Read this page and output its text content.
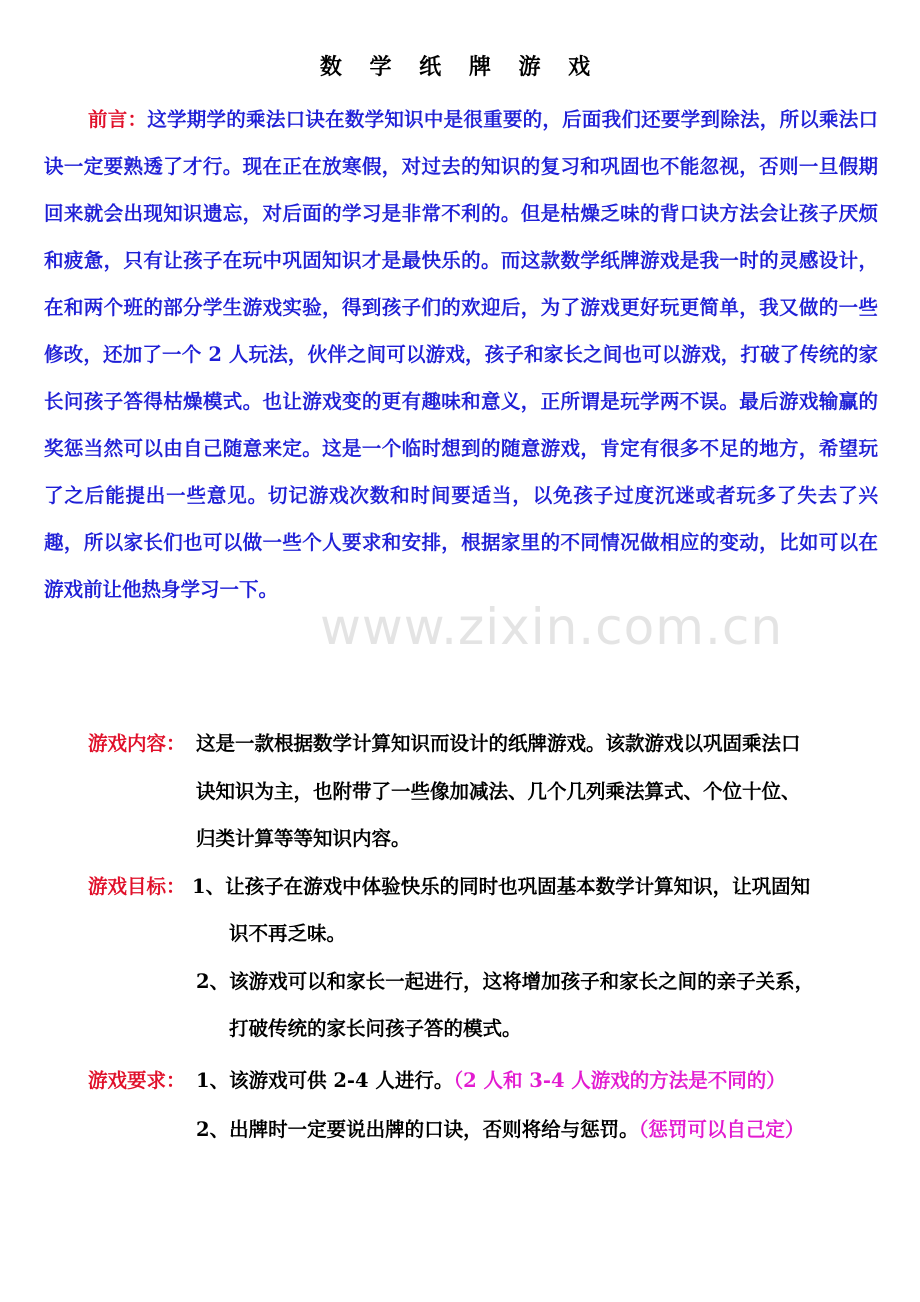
数 学 纸 牌 游 戏
前言：这学期学的乘法口诀在数学知识中是很重要的，后面我们还要学到除法，所以乘法口诀一定要熟透了才行。现在正在放寒假，对过去的知识的复习和巩固也不能忽视，否则一旦假期回来就会出现知识遗忘，对后面的学习是非常不利的。但是枯燥乏味的背口诀方法会让孩子厌烦和疲惫，只有让孩子在玩中巩固知识才是最快乐的。而这款数学纸牌游戏是我一时的灵感设计，在和两个班的部分学生游戏实验，得到孩子们的欢迎后，为了游戏更好玩更简单，我又做的一些修改，还加了一个 2 人玩法，伙伴之间可以游戏，孩子和家长之间也可以游戏，打破了传统的家长问孩子答得枯燥模式。也让游戏变的更有趣味和意义，正所谓是玩学两不误。最后游戏输赢的奖惩当然可以由自己随意来定。这是一个临时想到的随意游戏，肯定有很多不足的地方，希望玩了之后能提出一些意见。切记游戏次数和时间要适当，以免孩子过度沉迷或者玩多了失去了兴趣，所以家长们也可以做一些个人要求和安排，根据家里的不同情况做相应的变动，比如可以在游戏前让他热身学习一下。
www.zixin.com.cn
游戏内容： 这是一款根据数学计算知识而设计的纸牌游戏。该款游戏以巩固乘法口
诀知识为主，也附带了一些像加减法、几个几列乘法算式、个位十位、
归类计算等等知识内容。
游戏目标： 1、让孩子在游戏中体验快乐的同时也巩固基本数学计算知识，让巩固知
识不再乏味。
2、该游戏可以和家长一起进行，这将增加孩子和家长之间的亲子关系，
打破传统的家长问孩子答的模式。
游戏要求： 1、该游戏可供 2-4 人进行。（2 人和 3-4 人游戏的方法是不同的）
2、出牌时一定要说出牌的口诀，否则将给与惩罚。（惩罚可以自己定）
